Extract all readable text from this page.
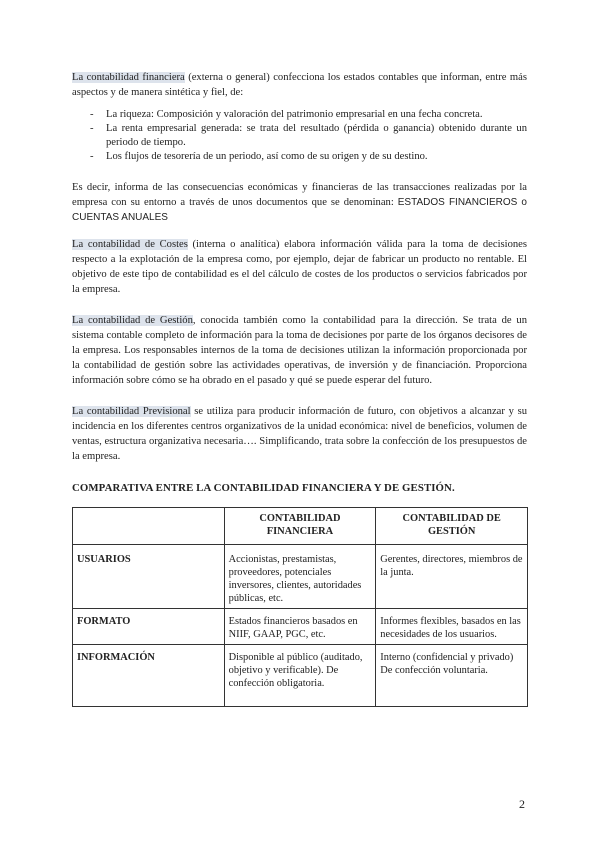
La contabilidad financiera (externa o general) confecciona los estados contables que informan, entre más aspectos y de manera sintética y fiel, de:

- La riqueza: Composición y valoración del patrimonio empresarial en una fecha concreta.
- La renta empresarial generada: se trata del resultado (pérdida o ganancia) obtenido durante un periodo de tiempo.
- Los flujos de tesorería de un periodo, así como de su origen y de su destino.

Es decir, informa de las consecuencias económicas y financieras de las transacciones realizadas por la empresa con su entorno a través de unos documentos que se denominan: ESTADOS FINANCIEROS o CUENTAS ANUALES

La contabilidad de Costes (interna o analítica) elabora información válida para la toma de decisiones respecto a la explotación de la empresa como, por ejemplo, dejar de fabricar un producto no rentable. El objetivo de este tipo de contabilidad es el del cálculo de costes de los productos o servicios fabricados por la empresa.

La contabilidad de Gestión, conocida también como la contabilidad para la dirección. Se trata de un sistema contable completo de información para la toma de decisiones por parte de los órganos decisores de la empresa. Los responsables internos de la toma de decisiones utilizan la información proporcionada por la contabilidad de gestión sobre las actividades operativas, de inversión y de financiación. Proporciona información sobre cómo se ha obrado en el pasado y qué se puede esperar del futuro.

La contabilidad Previsional se utiliza para producir información de futuro, con objetivos a alcanzar y su incidencia en los diferentes centros organizativos de la unidad económica: nivel de beneficios, volumen de ventas, estructura organizativa necesaria…. Simplificando, trata sobre la confección de los presupuestos de la empresa.

COMPARATIVA ENTRE LA CONTABILIDAD FINANCIERA Y DE GESTIÓN.
	CONTABILIDAD FINANCIERA	CONTABILIDAD DE GESTIÓN
USUARIOS	Accionistas, prestamistas, proveedores, potenciales inversores, clientes, autoridades públicas, etc.	Gerentes, directores, miembros de la junta.
FORMATO	Estados financieros basados en NIIF, GAAP, PGC, etc.	Informes flexibles, basados en las necesidades de los usuarios.
INFORMACIÓN	Disponible al público (auditado, objetivo y verificable). De confección obligatoria.	Interno (confidencial y privado) De confección voluntaria.
2
